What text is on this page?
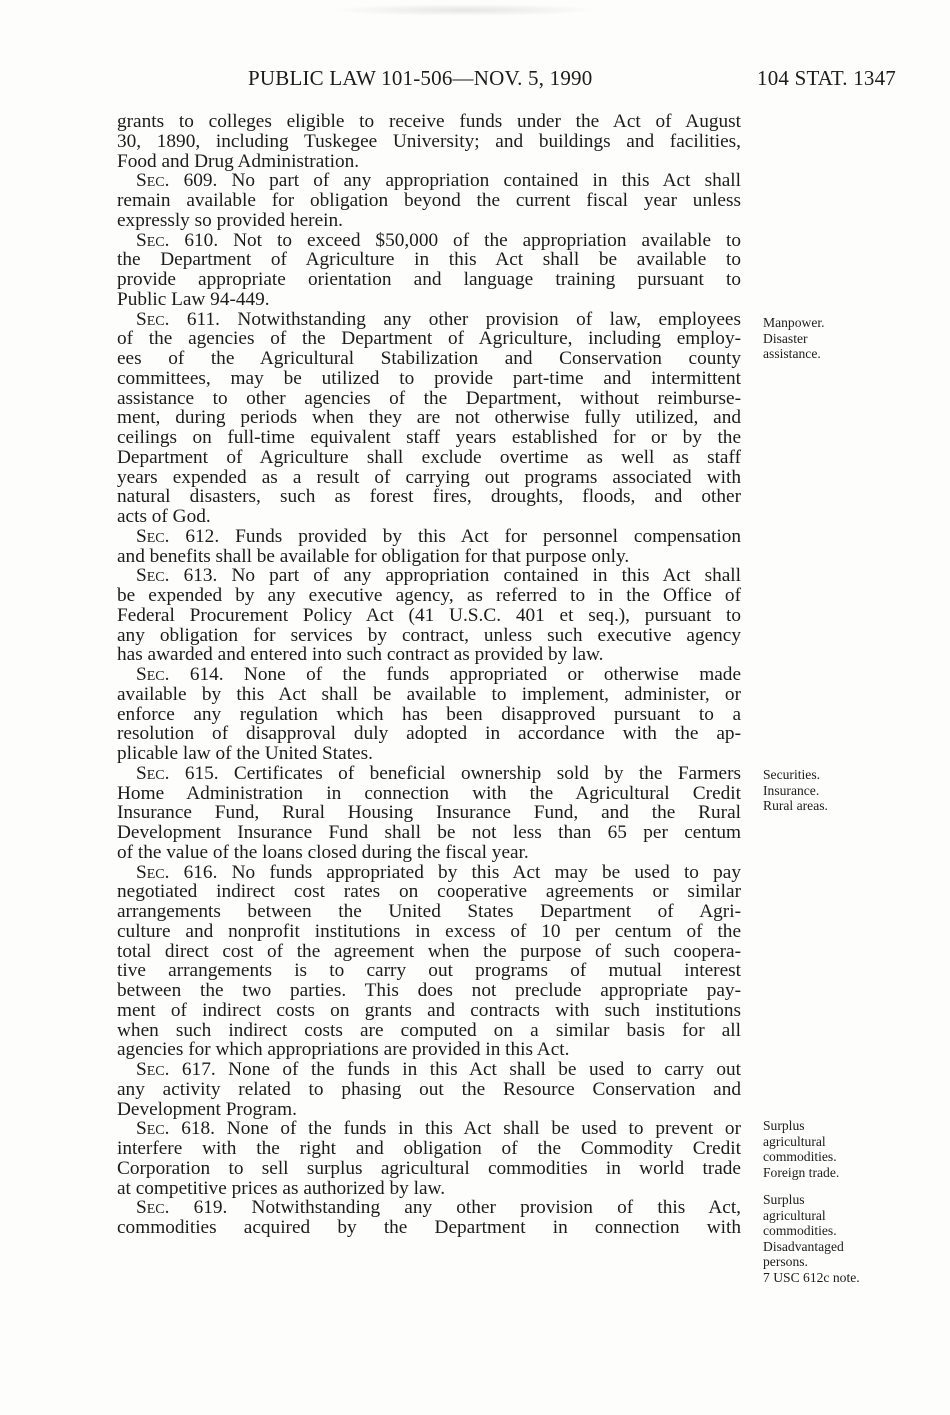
PUBLIC LAW 101-506—NOV. 5, 1990	104 STAT. 1347
grants to colleges eligible to receive funds under the Act of August
30, 1890, including Tuskegee University; and buildings and facilities,
Food and Drug Administration.
Sec. 609. No part of any appropriation contained in this Act shall
remain available for obligation beyond the current fiscal year unless
expressly so provided herein.
Sec. 610. Not to exceed $50,000 of the appropriation available to
the Department of Agriculture in this Act shall be available to
provide appropriate orientation and language training pursuant to
Public Law 94-449.
Sec. 611. Notwithstanding any other provision of law, employees
of the agencies of the Department of Agriculture, including employ-
ees of the Agricultural Stabilization and Conservation county
committees, may be utilized to provide part-time and intermittent
assistance to other agencies of the Department, without reimburse-
ment, during periods when they are not otherwise fully utilized, and
ceilings on full-time equivalent staff years established for or by the
Department of Agriculture shall exclude overtime as well as staff
years expended as a result of carrying out programs associated with
natural disasters, such as forest fires, droughts, floods, and other
acts of God.
Sec. 612. Funds provided by this Act for personnel compensation
and benefits shall be available for obligation for that purpose only.
Sec. 613. No part of any appropriation contained in this Act shall
be expended by any executive agency, as referred to in the Office of
Federal Procurement Policy Act (41 U.S.C. 401 et seq.), pursuant to
any obligation for services by contract, unless such executive agency
has awarded and entered into such contract as provided by law.
Sec. 614. None of the funds appropriated or otherwise made
available by this Act shall be available to implement, administer, or
enforce any regulation which has been disapproved pursuant to a
resolution of disapproval duly adopted in accordance with the ap-
plicable law of the United States.
Sec. 615. Certificates of beneficial ownership sold by the Farmers
Home Administration in connection with the Agricultural Credit
Insurance Fund, Rural Housing Insurance Fund, and the Rural
Development Insurance Fund shall be not less than 65 per centum
of the value of the loans closed during the fiscal year.
Sec. 616. No funds appropriated by this Act may be used to pay
negotiated indirect cost rates on cooperative agreements or similar
arrangements between the United States Department of Agri-
culture and nonprofit institutions in excess of 10 per centum of the
total direct cost of the agreement when the purpose of such coopera-
tive arrangements is to carry out programs of mutual interest
between the two parties. This does not preclude appropriate pay-
ment of indirect costs on grants and contracts with such institutions
when such indirect costs are computed on a similar basis for all
agencies for which appropriations are provided in this Act.
Sec. 617. None of the funds in this Act shall be used to carry out
any activity related to phasing out the Resource Conservation and
Development Program.
Sec. 618. None of the funds in this Act shall be used to prevent or
interfere with the right and obligation of the Commodity Credit
Corporation to sell surplus agricultural commodities in world trade
at competitive prices as authorized by law.
Sec. 619. Notwithstanding any other provision of this Act,
commodities acquired by the Department in connection with
Manpower.
Disaster
assistance.
Securities.
Insurance.
Rural areas.
Surplus
agricultural
commodities.
Foreign trade.
Surplus
agricultural
commodities.
Disadvantaged
persons.
7 USC 612c note.
